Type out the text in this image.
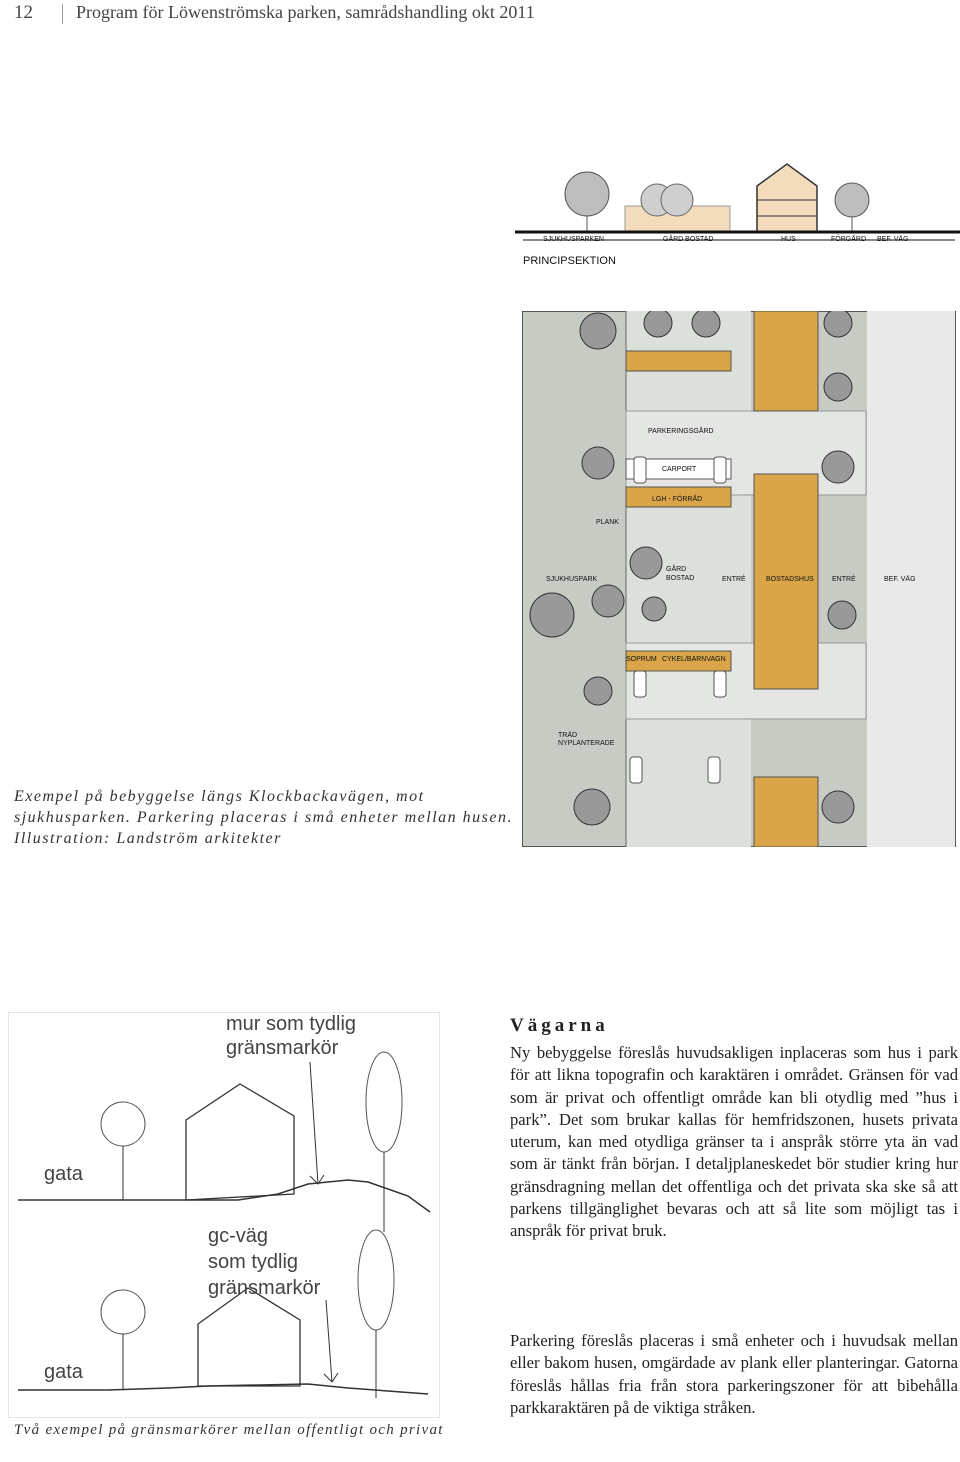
12 Program för Löwenströmska parken, samrådshandling okt 2011
SJUKHUSPARKEN	GÅRD BOSTAD	HUS	FÖRGÅRD BEF. VÄG
PRINCIPSEKTION
PARKERINGSGÅRD
CARPORT
LGH - FÖRRÅD
PLANK
SJUKHUSPARK
GÅRD
BOSTAD	ENTRÉ	BOSTADSHUS	ENTRÉ	BEF. VÄG
SOPRUM CYKEL/BARNVAGN
TRÄD
NYPLANTERADE
Exempel på bebyggelse längs Klockbackavägen, mot sjukhusparken. Parkering placeras i små enheter mellan husen. Illustration: Landström arkitekter
gata
gata
mur som tydlig
gränsmarkör
gc-väg
som tydlig
gränsmarkör
Två exempel på gränsmarkörer mellan offentligt och privat
Vägarna
Ny bebyggelse föreslås huvudsakligen inplaceras som hus i park för att likna topografin och karaktären i området. Gränsen för vad som är privat och offentligt område kan bli otydlig med ”hus i park”. Det som brukar kallas för hemfridszonen, husets privata uterum, kan med otydliga gränser ta i anspråk större yta än vad som är tänkt från början. I detaljplaneskedet bör studier kring hur gränsdragning mellan det offentliga och det privata ska ske så att parkens tillgänglighet bevaras och att så lite som möjligt tas i anspråk för privat bruk.
Parkering föreslås placeras i små enheter och i huvudsak mellan eller bakom husen, omgärdade av plank eller planteringar. Gatorna föreslås hållas fria från stora parkeringszoner för att bibehålla parkkaraktären på de viktiga stråken.
